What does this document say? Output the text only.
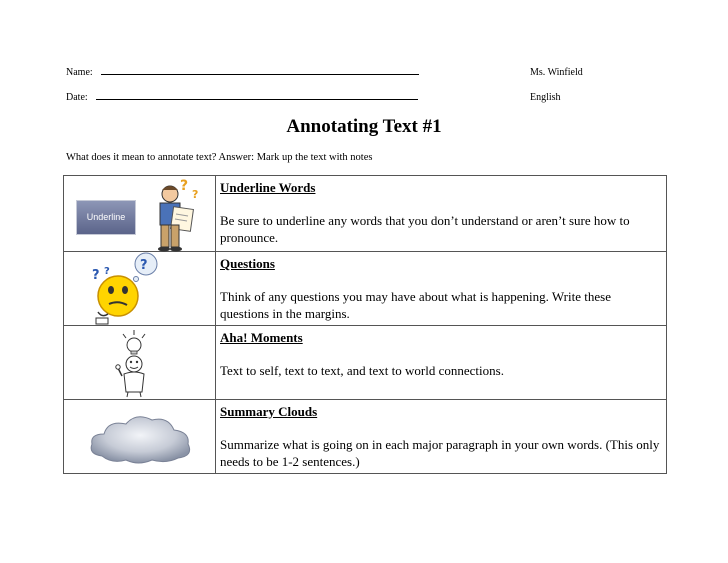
Name:	Ms. Winfield
Date:	English
Annotating Text #1
What does it mean to annotate text? Answer: Mark up the text with notes
Underline
?
?	Underline Words
Be sure to underline any words that you don’t understand or aren’t sure how to pronounce.

?
? ?	Questions
Think of any questions you may have about what is happening. Write these questions in the margins.

Aha! Moments
Text to self, text to text, and text to world connections.

Summary Clouds
Summarize what is going on in each major paragraph in your own words. (This only needs to be 1-2 sentences.)
